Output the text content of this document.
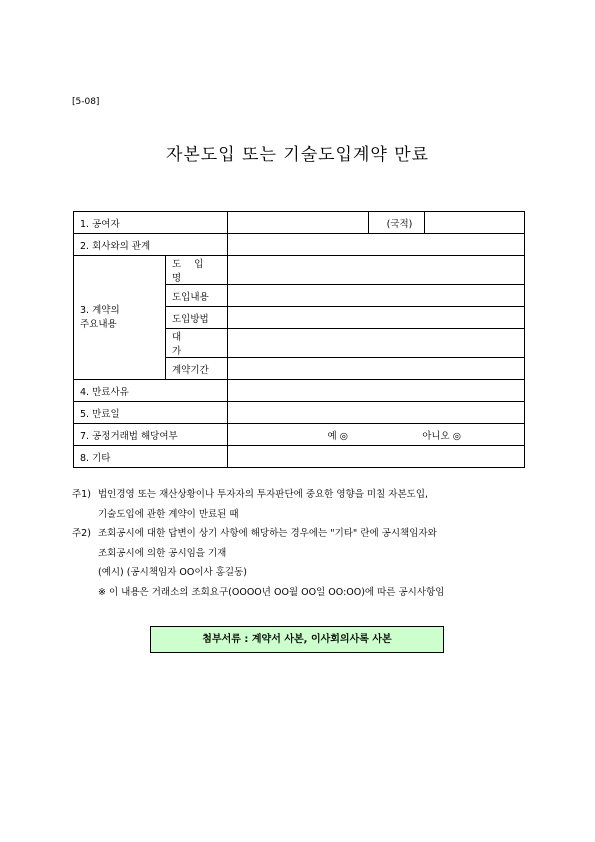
[5-08]
자본도입 또는 기술도입계약 만료
1. 공여자			(국적)	
2. 회사와의 관계				
3. 계약의
주요내용	도 입 명			
	도입내용			
	도입방법			
	대 가			
	계약기간			
4. 만료사유				
5. 만료일				
7. 공정거래법 해당여부		예 ◎ 아니오 ◎		
8. 기타				
주1) 법인경영 또는 재산상황이나 투자자의 투자판단에 중요한 영향을 미칠 자본도입,
기술도입에 관한 계약이 만료된 때
주2) 조회공시에 대한 답변이 상기 사항에 해당하는 경우에는 "기타" 란에 공시책임자와
조회공시에 의한 공시임을 기재
(예시) (공시책임자 OO이사 홍길동)
※ 이 내용은 거래소의 조회요구(OOOO년 OO월 OO일 OO:OO)에 따른 공시사항임
첨부서류 : 계약서 사본, 이사회의사록 사본
